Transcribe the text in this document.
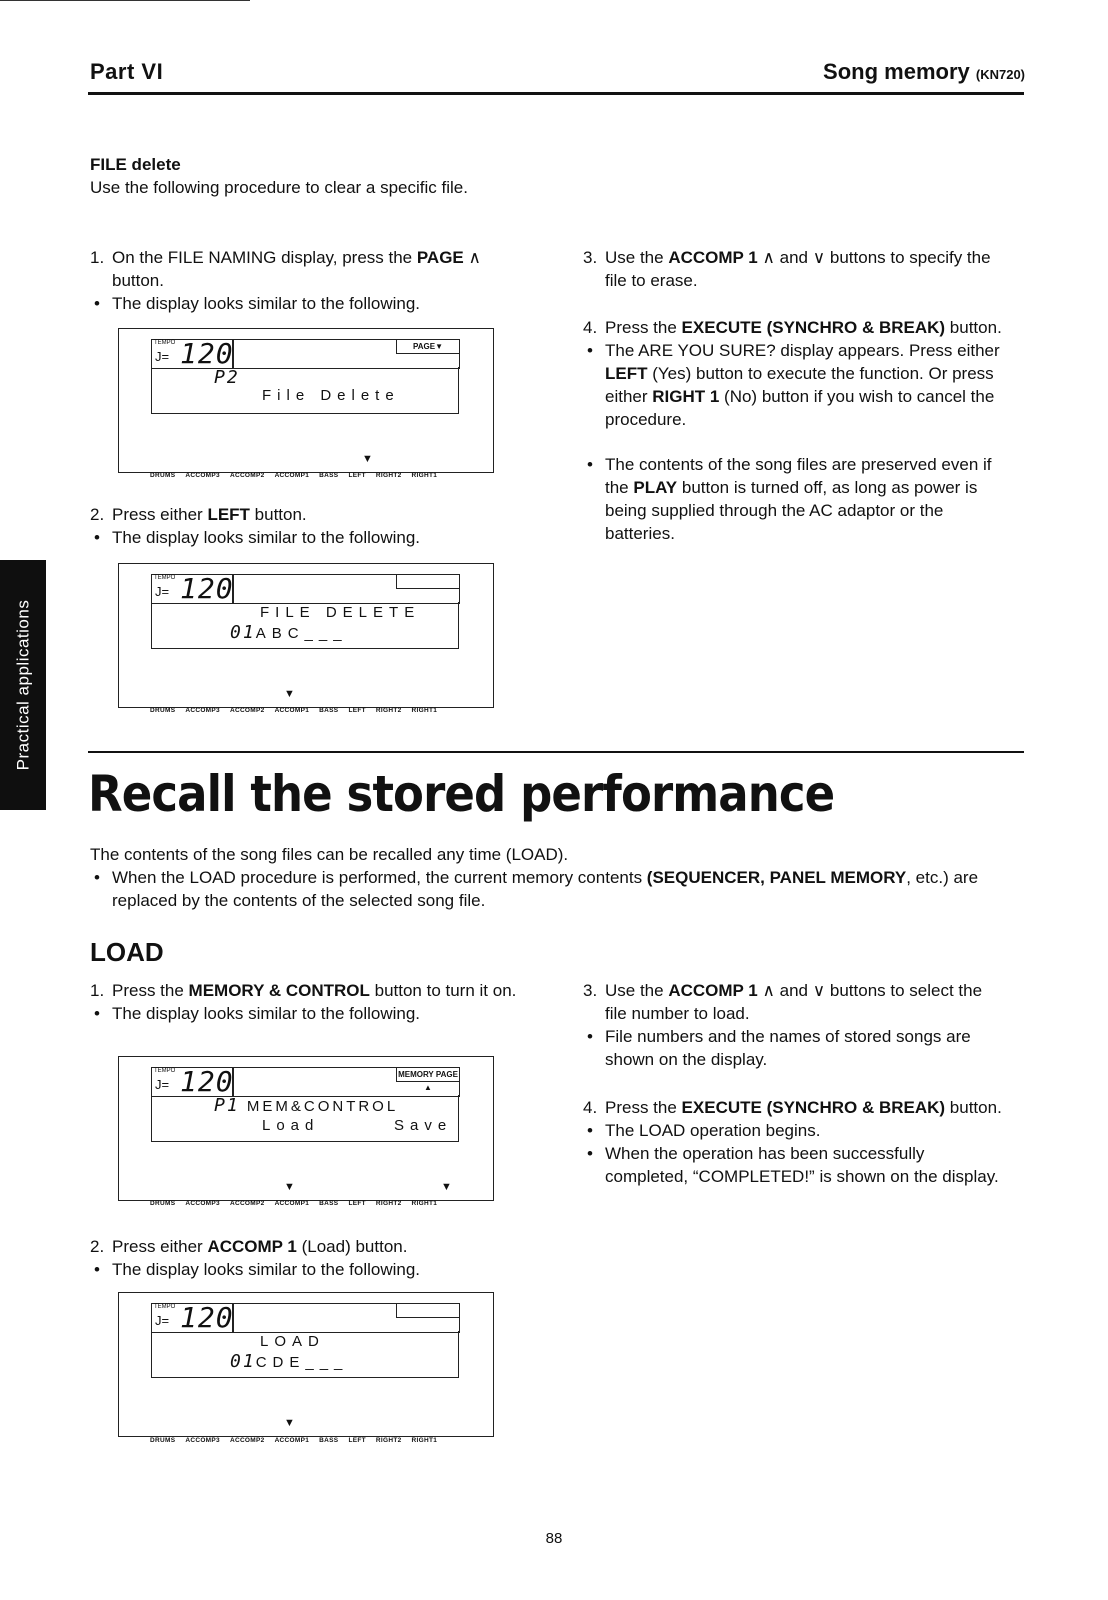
Part VI	Song memory (KN720)
Practical applications
FILE delete
Use the following procedure to clear a specific file.
1. On the FILE NAMING display, press the PAGE ∧ button.
• The display looks similar to the following.
TEMPO
J= 120	PAGE▼
P2
File Delete
▼
DRUMS ACCOMP3 ACCOMP2 ACCOMP1 BASS LEFT RIGHT2 RIGHT1
2. Press either LEFT button.
• The display looks similar to the following.
TEMPO
J= 120
FILE DELETE
01ABC___
▼
DRUMS ACCOMP3 ACCOMP2 ACCOMP1 BASS LEFT RIGHT2 RIGHT1
3. Use the ACCOMP 1 ∧ and ∨ buttons to specify the file to erase.
4. Press the EXECUTE (SYNCHRO & BREAK) button.
• The ARE YOU SURE? display appears. Press either LEFT (Yes) button to execute the function. Or press either RIGHT 1 (No) button if you wish to cancel the procedure.
• The contents of the song files are preserved even if the PLAY button is turned off, as long as power is being supplied through the AC adaptor or the batteries.
Recall the stored performance
The contents of the song files can be recalled any time (LOAD).
• When the LOAD procedure is performed, the current memory contents (SEQUENCER, PANEL MEMORY, etc.) are replaced by the contents of the selected song file.
LOAD
1. Press the MEMORY & CONTROL button to turn it on.
• The display looks similar to the following.
TEMPO
J= 120	MEMORY PAGE ▲
P1 MEM&CONTROL
Load	Save
▼	▼
DRUMS ACCOMP3 ACCOMP2 ACCOMP1 BASS LEFT RIGHT2 RIGHT1
2. Press either ACCOMP 1 (Load) button.
• The display looks similar to the following.
TEMPO
J= 120
LOAD
01CDE___
▼
DRUMS ACCOMP3 ACCOMP2 ACCOMP1 BASS LEFT RIGHT2 RIGHT1
3. Use the ACCOMP 1 ∧ and ∨ buttons to select the file number to load.
• File numbers and the names of stored songs are shown on the display.
4. Press the EXECUTE (SYNCHRO & BREAK) button.
• The LOAD operation begins.
• When the operation has been successfully completed, “COMPLETED!” is shown on the display.
88
